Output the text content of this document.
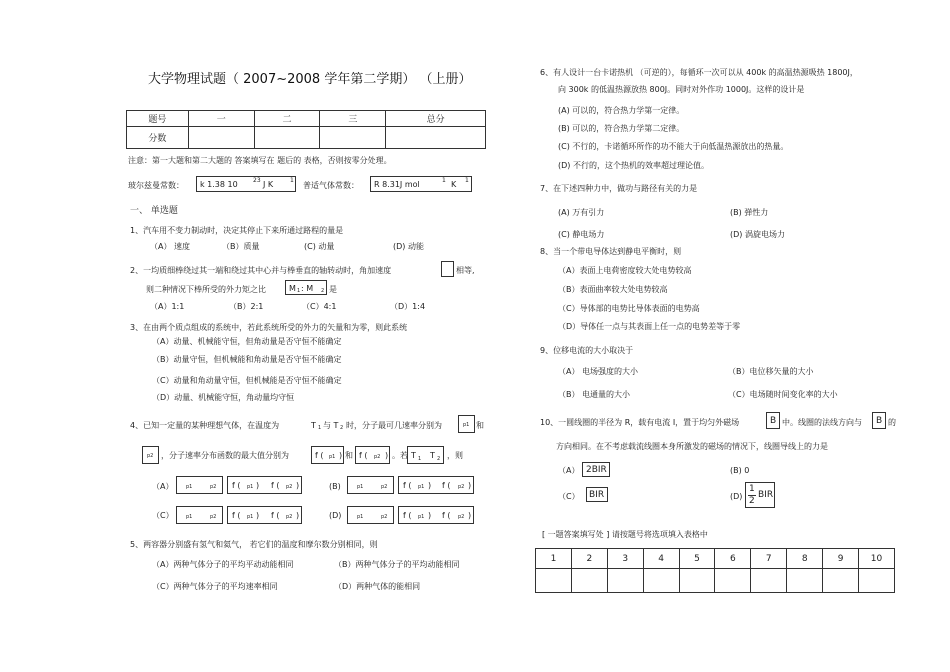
大学物理试题（ 2007~2008 学年第二学期） （上册）
题号	一	二	三	总分
分数				
注意：第一大题和第二大题的 答案填写在 题后的 表格，否则按零分处理。
玻尔兹曼常数： k 1.38 10	23 J K	1
普适气体常数： R 8.31J mol	1 K 1
一、 单选题
1、汽车用不变力制动时，决定其停止下来所通过路程的量是
（A） 速度	（B）质量	(C) 动量	(D) 动能
2、一均质细棒绕过其一端和绕过其中心并与棒垂直的轴转动时，角加速度	相等,
则二种情况下棒所受的外力矩之比	M 1 : M 2 是
（A）1:1	（B）2:1	（C）4:1	（D）1:4
3、在由两个质点组成的系统中，若此系统所受的外力的矢量和为零，则此系统
（A）动量、机械能守恒，但角动量是否守恒不能确定
（B）动量守恒，但机械能和角动量是否守恒不能确定
（C）动量和角动量守恒，但机械能是否守恒不能确定
（D）动量、机械能守恒，角动量均守恒
4、已知一定量的某种理想气体，在温度为	T 1 与 T 2 时，分子最可几速率分别为	p1 和
p2 ，分子速率分布函数的最大值分别为	f ( p1 ) 和 f ( p2 ) 。若 T 1 T 2 ，则
（A）	p1	p2 f ( p1 ) f ( p2 )	(B)	p1	p2 f ( p1 ) f ( p2 )
（C） p1	p2 f ( p1 ) f ( p2 )	(D)	p1	p2 f ( p1 ) f ( p2 )
5、两容器分别盛有氢气和氦气， 若它们的温度和摩尔数分别相同，则
（A）两种气体分子的平均平动动能相同	（B）两种气体分子的平均动能相同
（C）两种气体分子的平均速率相同	（D）两种气体的能相同
6、有人设计一台卡诺热机 （可逆的），每循环一次可以从 400k 的高温热源吸热 1800J，
向 300k 的低温热源放热 800J。同时对外作功 1000J。这样的设计是
(A) 可以的，符合热力学第一定律。
(B) 可以的，符合热力学第二定律。
(C) 不行的，卡诺循环所作的功不能大于向低温热源放出的热量。
(D) 不行的，这个热机的效率超过理论值。
7、在下述四种力中，做功与路径有关的力是
(A) 万有引力	(B) 弹性力
(C) 静电场力	(D) 涡旋电场力
8、当一个带电导体达到静电平衡时，则
（A）表面上电荷密度较大处电势较高
（B）表面曲率较大处电势较高
（C）导体部的电势比导体表面的电势高
（D）导体任一点与其表面上任一点的电势差等于零
9、位移电流的大小取决于
（A） 电场强度的大小	（B）电位移矢量的大小
（B） 电通量的大小	（C）电场随时间变化率的大小
10、一圆线圈的半径为 R，载有电流 I，置于均匀外磁场	B 中。线圈的法线方向与 B 的
方向相同。在不考虑载流线圈本身所激发的磁场的情况下，线圈导线上的力是
（A） 2BIR	(B) 0
（C） BIR	(D)
1
2
BIR
[ 一题答案填写处 ] 请按题号将选项填入表格中
1	2	3	4	5	6	7	8	9	10
